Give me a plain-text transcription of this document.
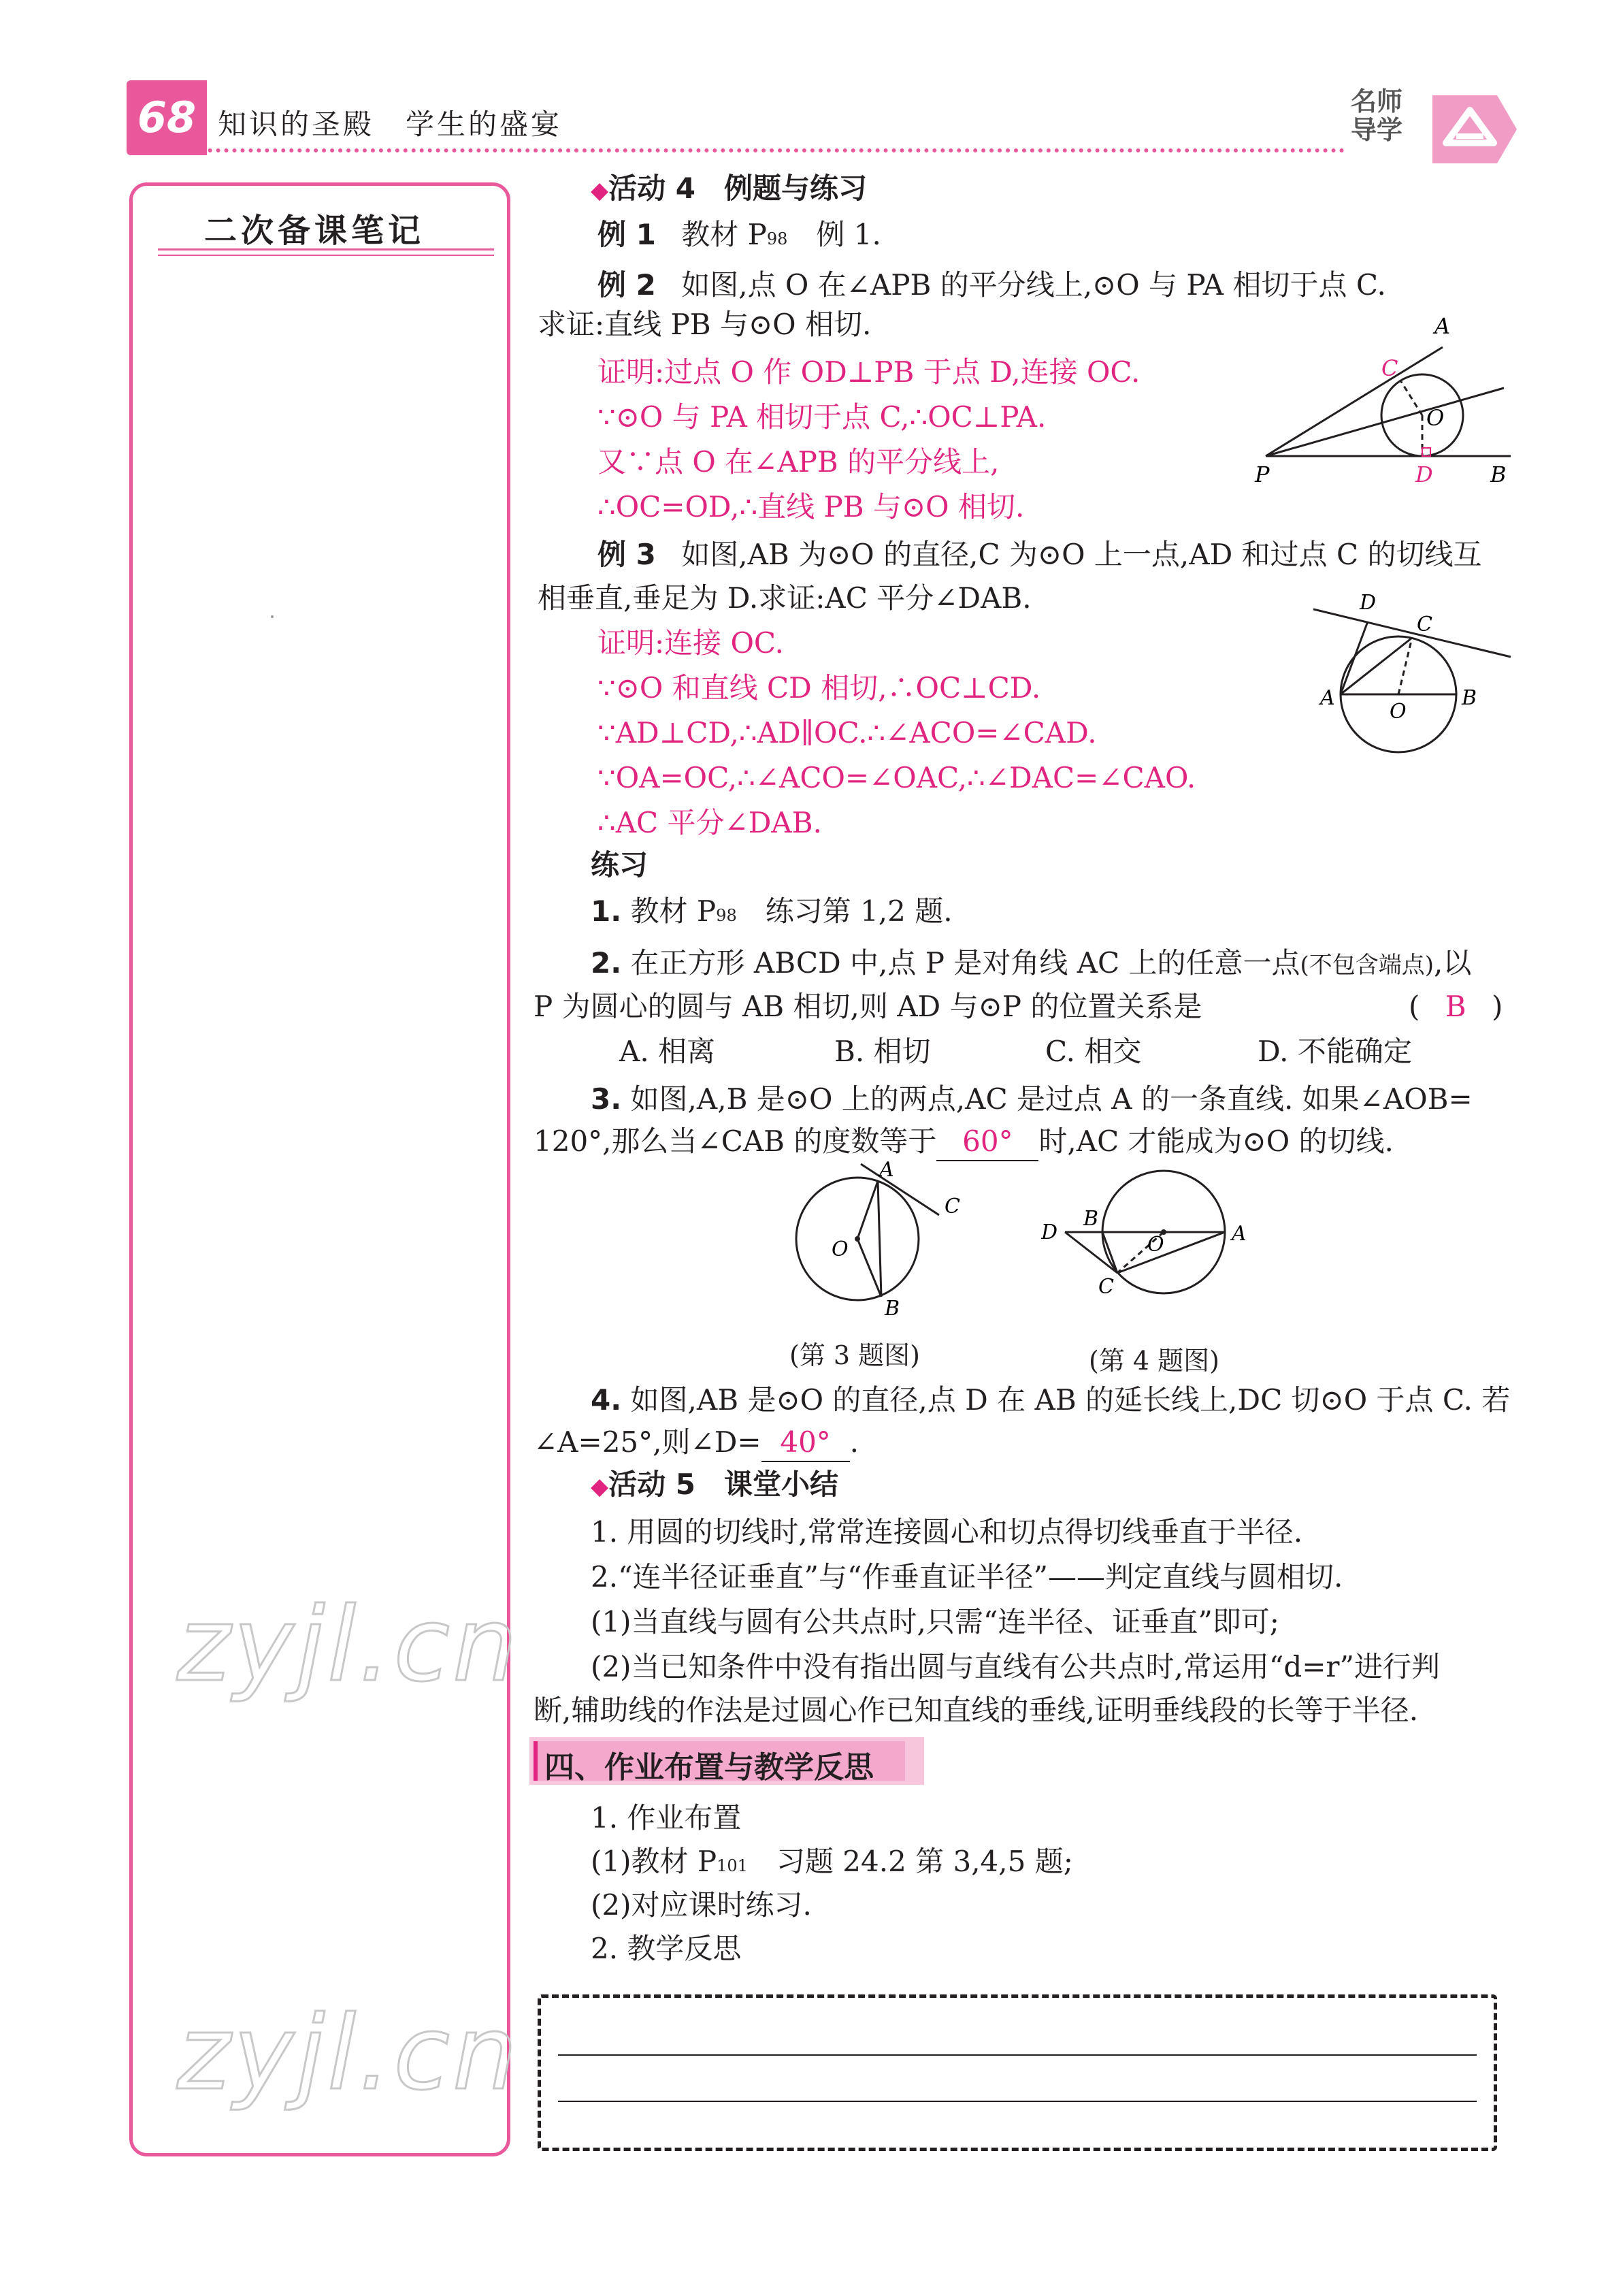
68 知识的圣殿　学生的盛宴
名师导学
二次备课笔记
◆活动 4　例题与练习
例 1 教材 P98　例 1.
例 2 如图,点 O 在∠APB 的平分线上,⊙O 与 PA 相切于点 C.
求证:直线 PB 与⊙O 相切.
证明:过点 O 作 OD⊥PB 于点 D,连接 OC.
∵⊙O 与 PA 相切于点 C,∴OC⊥PA.
又∵点 O 在∠APB 的平分线上,
∴OC=OD,∴直线 PB 与⊙O 相切.
A
C
O
P	D	B
例 3 如图,AB 为⊙O 的直径,C 为⊙O 上一点,AD 和过点 C 的切线互
相垂直,垂足为 D.求证:AC 平分∠DAB.
证明:连接 OC.
∵⊙O 和直线 CD 相切,∴OC⊥CD.
∵AD⊥CD,∴AD∥OC.∴∠ACO=∠CAD.
∵OA=OC,∴∠ACO=∠OAC,∴∠DAC=∠CAO.
∴AC 平分∠DAB.
D
C
A
O
B
练习
1. 教材 P98　练习第 1,2 题.
2. 在正方形 ABCD 中,点 P 是对角线 AC 上的任意一点(不包含端点),以
P 为圆心的圆与 AB 相切,则 AD 与⊙P 的位置关系是	( B )
A. 相离	B. 相切	C. 相交	D. 不能确定
3. 如图,A,B 是⊙O 上的两点,AC 是过点 A 的一条直线. 如果∠AOB=
120°,那么当∠CAB 的度数等于 60° 时,AC 才能成为⊙O 的切线.
A
C
O
B
D
B
O	A
C
(第 3 题图)	(第 4 题图)
4. 如图,AB 是⊙O 的直径,点 D 在 AB 的延长线上,DC 切⊙O 于点 C. 若
∠A=25°,则∠D= 40° .
◆活动 5　课堂小结
1. 用圆的切线时,常常连接圆心和切点得切线垂直于半径.
2.“连半径证垂直”与“作垂直证半径”——判定直线与圆相切.
(1)当直线与圆有公共点时,只需“连半径、证垂直”即可;
(2)当已知条件中没有指出圆与直线有公共点时,常运用“d=r”进行判
断,辅助线的作法是过圆心作已知直线的垂线,证明垂线段的长等于半径.
四、作业布置与教学反思
1. 作业布置
(1)教材 P101　习题 24.2 第 3,4,5 题;
(2)对应课时练习.
2. 教学反思
zyjl.cn
zyjl.cn
